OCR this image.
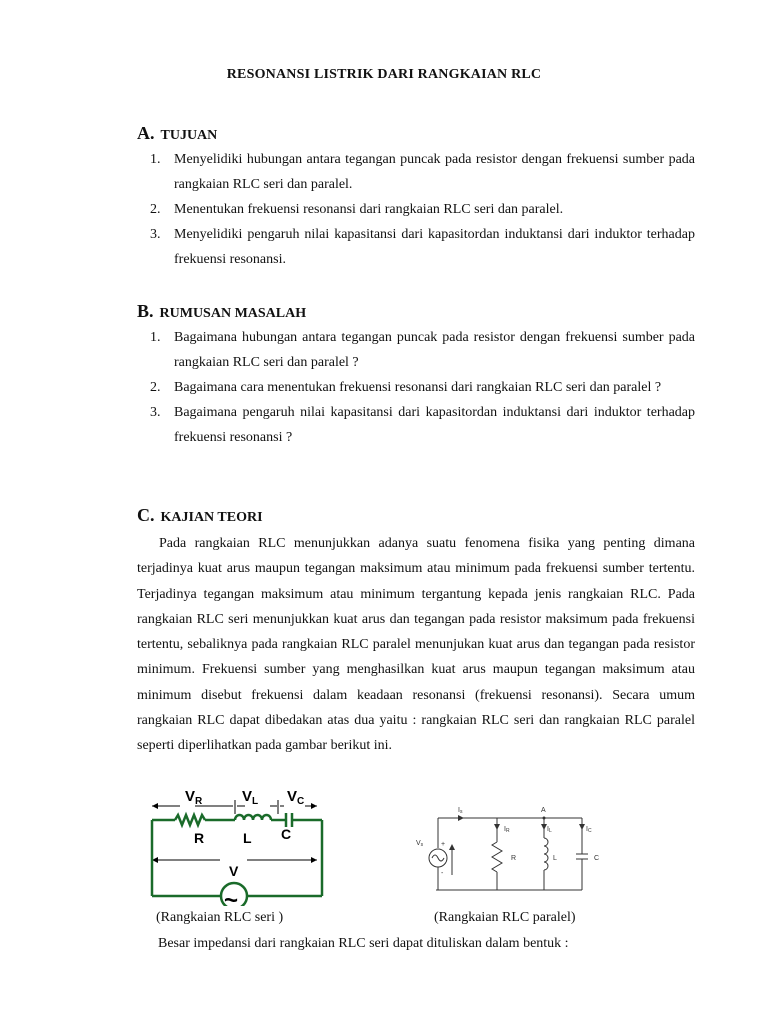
RESONANSI LISTRIK DARI RANGKAIAN RLC
A. TUJUAN
1. Menyelidiki hubungan antara tegangan puncak pada resistor dengan frekuensi sumber pada rangkaian RLC seri dan paralel.
2. Menentukan frekuensi resonansi dari rangkaian RLC seri dan paralel.
3. Menyelidiki pengaruh nilai kapasitansi dari kapasitordan induktansi dari induktor terhadap frekuensi resonansi.
B. RUMUSAN MASALAH
1. Bagaimana hubungan antara tegangan puncak pada resistor dengan frekuensi sumber pada rangkaian RLC seri dan paralel ?
2. Bagaimana cara menentukan frekuensi resonansi dari rangkaian RLC seri dan paralel ?
3. Bagaimana pengaruh nilai kapasitansi dari kapasitordan induktansi dari induktor terhadap frekuensi resonansi ?
C. KAJIAN TEORI

Pada rangkaian RLC menunjukkan adanya suatu fenomena fisika yang penting dimana terjadinya kuat arus maupun tegangan maksimum atau minimum pada frekuensi sumber tertentu. Terjadinya tegangan maksimum atau minimum tergantung kepada jenis rangkaian RLC. Pada rangkaian RLC seri menunjukkan kuat arus dan tegangan pada resistor maksimum pada frekuensi tertentu, sebaliknya pada rangkaian RLC paralel menunjukan kuat arus dan tegangan pada resistor minimum. Frekuensi sumber yang menghasilkan kuat arus maupun tegangan maksimum atau minimum disebut frekuensi dalam keadaan resonansi (frekuensi resonansi). Secara umum rangkaian RLC dapat dibedakan atas dua yaitu : rangkaian RLC seri dan rangkaian RLC paralel seperti diperlihatkan pada gambar berikut ini.

$V_R$	$V_L$ $V_C$
R	L C
V
~
Is
IR	IL	IC
A
Vs	+
-
R	L	C
(Rangkaian RLC seri )	(Rangkaian RLC paralel)
Besar impedansi dari rangkaian RLC seri dapat dituliskan dalam bentuk :
